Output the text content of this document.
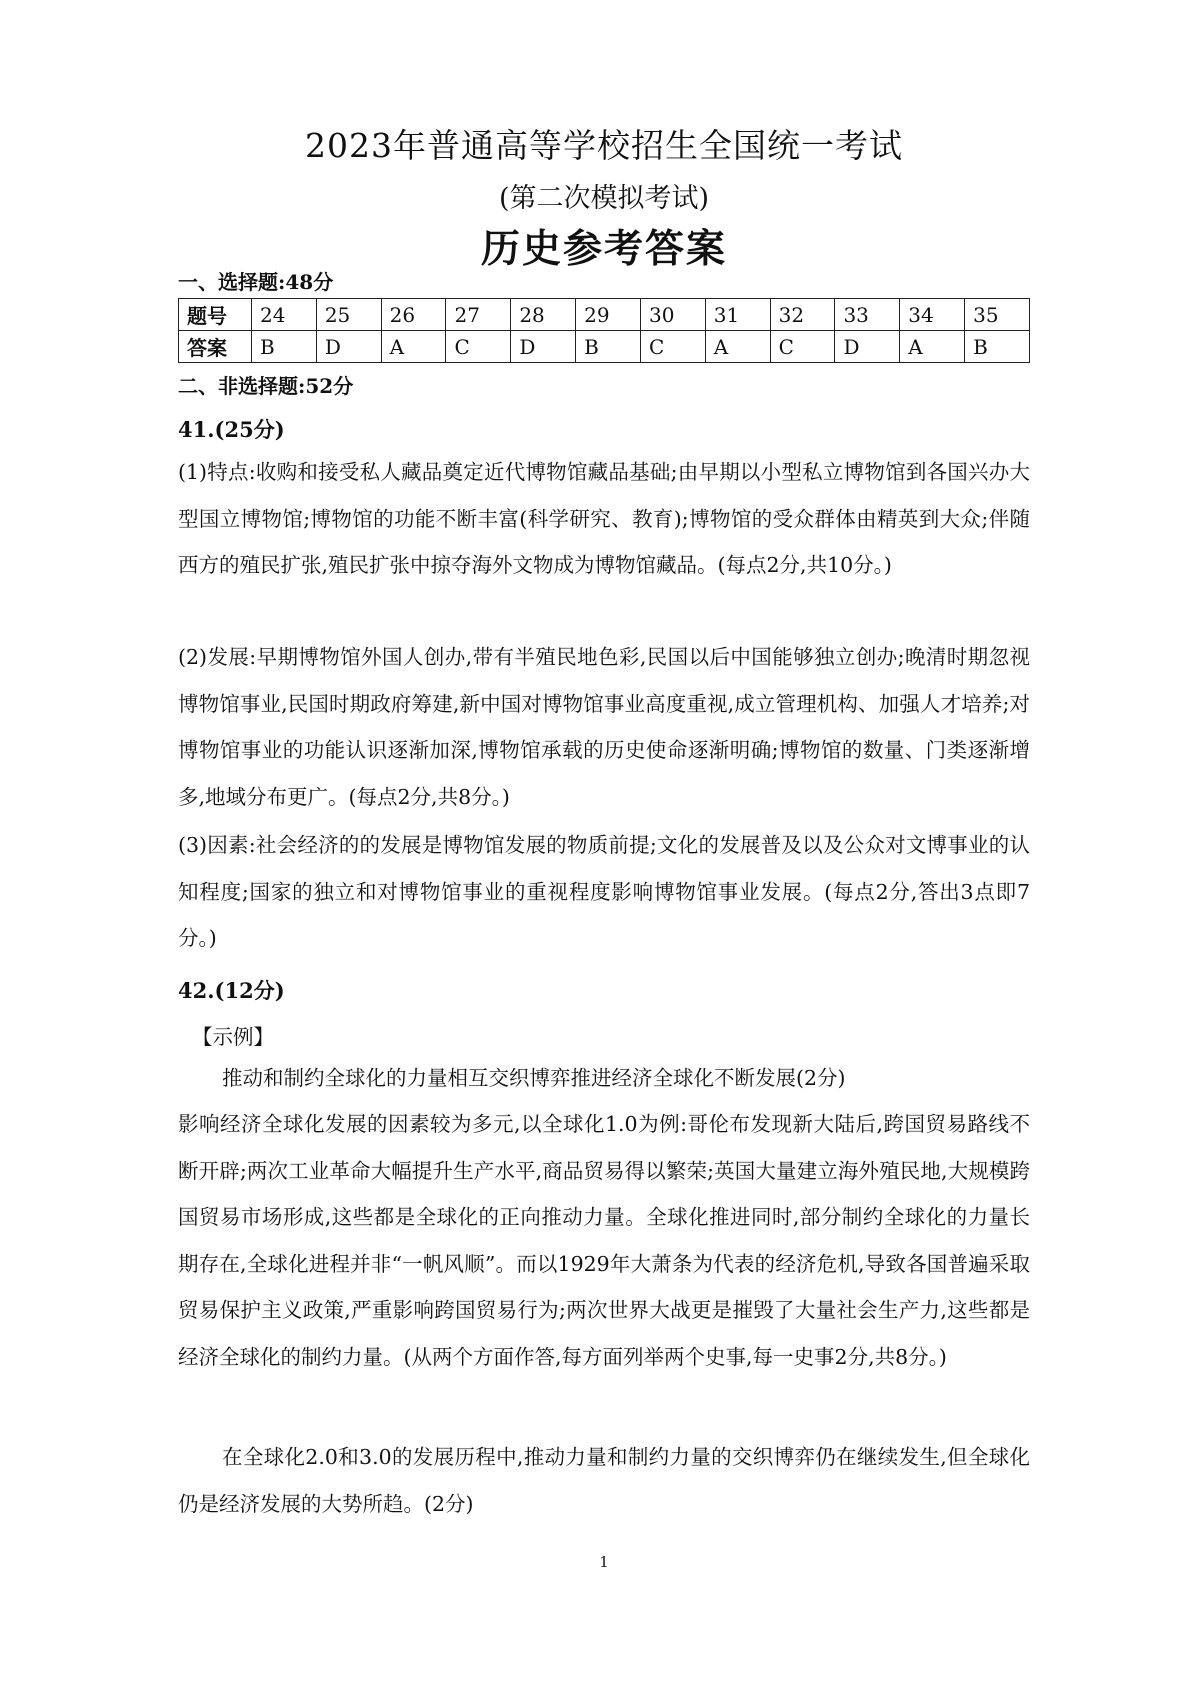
2023年普通高等学校招生全国统一考试
(第二次模拟考试)
历史参考答案
一、选择题:48分
题号	24	25	26	27	28	29	30	31	32	33	34	35
答案	B	D	A	C	D	B	C	A	C	D	A	B
二、非选择题:52分
41.(25分)
(1)特点:收购和接受私人藏品奠定近代博物馆藏品基础;由早期以小型私立博物馆到各国兴办大型国立博物馆;博物馆的功能不断丰富(科学研究、教育);博物馆的受众群体由精英到大众;伴随西方的殖民扩张,殖民扩张中掠夺海外文物成为博物馆藏品。(每点2分,共10分。)
(2)发展:早期博物馆外国人创办,带有半殖民地色彩,民国以后中国能够独立创办;晚清时期忽视博物馆事业,民国时期政府筹建,新中国对博物馆事业高度重视,成立管理机构、加强人才培养;对博物馆事业的功能认识逐渐加深,博物馆承载的历史使命逐渐明确;博物馆的数量、门类逐渐增多,地域分布更广。(每点2分,共8分。)
(3)因素:社会经济的的发展是博物馆发展的物质前提;文化的发展普及以及公众对文博事业的认知程度;国家的独立和对博物馆事业的重视程度影响博物馆事业发展。(每点2分,答出3点即7分。)
42.(12分)
【示例】
推动和制约全球化的力量相互交织博弈推进经济全球化不断发展(2分)
影响经济全球化发展的因素较为多元,以全球化1.0为例:哥伦布发现新大陆后,跨国贸易路线不断开辟;两次工业革命大幅提升生产水平,商品贸易得以繁荣;英国大量建立海外殖民地,大规模跨国贸易市场形成,这些都是全球化的正向推动力量。全球化推进同时,部分制约全球化的力量长期存在,全球化进程并非“一帆风顺”。而以1929年大萧条为代表的经济危机,导致各国普遍采取贸易保护主义政策,严重影响跨国贸易行为;两次世界大战更是摧毁了大量社会生产力,这些都是经济全球化的制约力量。(从两个方面作答,每方面列举两个史事,每一史事2分,共8分。)
在全球化2.0和3.0的发展历程中,推动力量和制约力量的交织博弈仍在继续发生,但全球化仍是经济发展的大势所趋。(2分)
1
